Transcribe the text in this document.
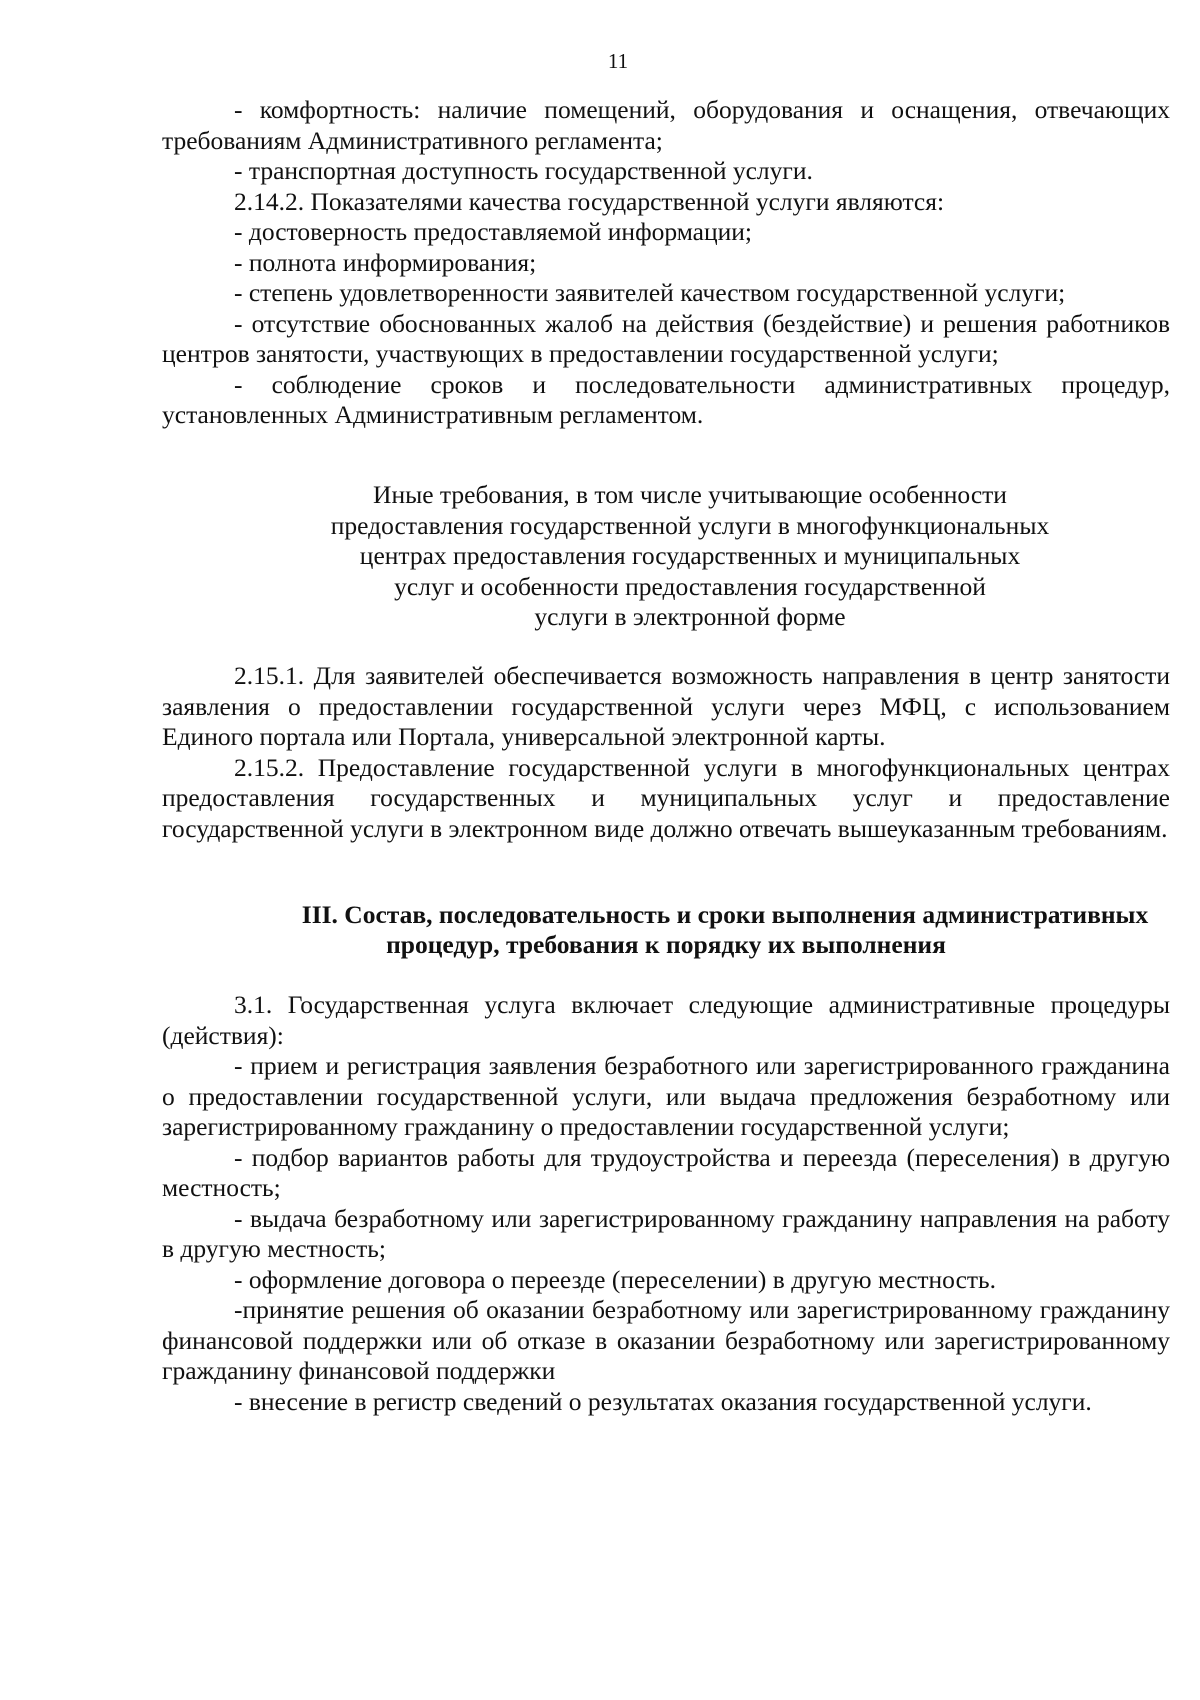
11

- комфортность: наличие помещений, оборудования и оснащения, отвечающих требованиям Административного регламента;

- транспортная доступность государственной услуги.

2.14.2. Показателями качества государственной услуги являются:

- достоверность предоставляемой информации;

- полнота информирования;

- степень удовлетворенности заявителей качеством государственной услуги;

- отсутствие обоснованных жалоб на действия (бездействие) и решения работников центров занятости, участвующих в предоставлении государственной услуги;

- соблюдение сроков и последовательности административных процедур, установленных Административным регламентом.

Иные требования, в том числе учитывающие особенности
предоставления государственной услуги в многофункциональных
центрах предоставления государственных и муниципальных
услуг и особенности предоставления государственной
услуги в электронной форме

2.15.1. Для заявителей обеспечивается возможность направления в центр занятости заявления о предоставлении государственной услуги через МФЦ, с использованием Единого портала или Портала, универсальной электронной карты.

2.15.2. Предоставление государственной услуги в многофункциональных центрах предоставления государственных и муниципальных услуг и предоставление государственной услуги в электронном виде должно отвечать вышеуказанным требованиям.

III. Состав, последовательность и сроки выполнения административных
процедур, требования к порядку их выполнения

3.1. Государственная услуга включает следующие административные процедуры (действия):

- прием и регистрация заявления безработного или зарегистрированного гражданина о предоставлении государственной услуги, или выдача предложения безработному или зарегистрированному гражданину о предоставлении государственной услуги;

- подбор вариантов работы для трудоустройства и переезда (переселения) в другую местность;

- выдача безработному или зарегистрированному гражданину направления на работу в другую местность;

- оформление договора о переезде (переселении) в другую местность.

-принятие решения об оказании безработному или зарегистрированному гражданину финансовой поддержки или об отказе в оказании безработному или зарегистрированному гражданину финансовой поддержки

- внесение в регистр сведений о результатах оказания государственной услуги.
